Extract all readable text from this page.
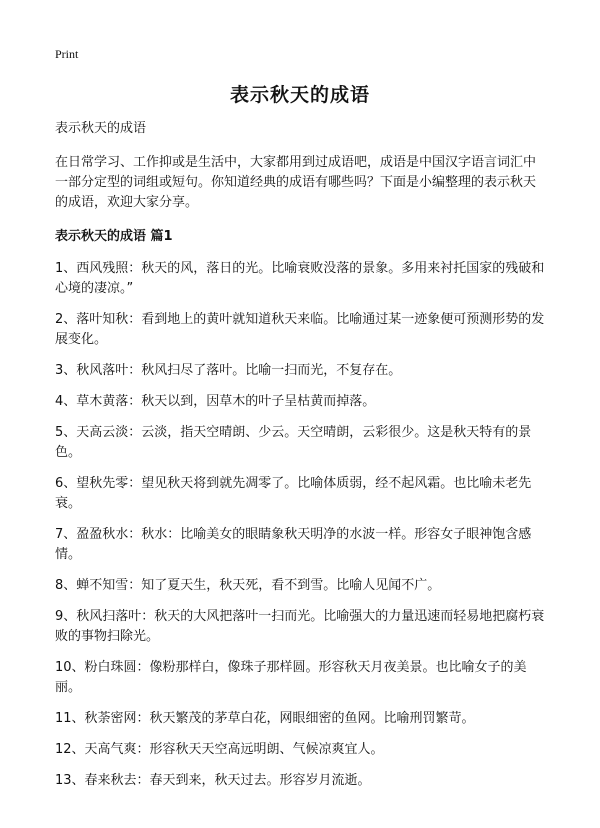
Print
表示秋天的成语

表示秋天的成语

在日常学习、工作抑或是生活中，大家都用到过成语吧，成语是中国汉字语言词汇中一部分定型的词组或短句。你知道经典的成语有哪些吗？下面是小编整理的表示秋天的成语，欢迎大家分享。

表示秋天的成语 篇1

1、西风残照：秋天的风，落日的光。比喻衰败没落的景象。多用来衬托国家的残破和心境的凄凉。”

2、落叶知秋：看到地上的黄叶就知道秋天来临。比喻通过某一迹象便可预测形势的发展变化。

3、秋风落叶：秋风扫尽了落叶。比喻一扫而光，不复存在。

4、草木黄落：秋天以到，因草木的叶子呈枯黄而掉落。

5、天高云淡：云淡，指天空晴朗、少云。天空晴朗，云彩很少。这是秋天特有的景色。

6、望秋先零：望见秋天将到就先凋零了。比喻体质弱，经不起风霜。也比喻未老先衰。

7、盈盈秋水：秋水：比喻美女的眼睛象秋天明净的水波一样。形容女子眼神饱含感情。

8、蝉不知雪：知了夏天生，秋天死，看不到雪。比喻人见闻不广。

9、秋风扫落叶：秋天的大风把落叶一扫而光。比喻强大的力量迅速而轻易地把腐朽衰败的事物扫除光。

10、粉白珠圆：像粉那样白，像珠子那样圆。形容秋天月夜美景。也比喻女子的美丽。

11、秋荼密网：秋天繁茂的茅草白花，网眼细密的鱼网。比喻刑罚繁苛。

12、天高气爽：形容秋天天空高远明朗、气候凉爽宜人。

13、春来秋去：春天到来，秋天过去。形容岁月流逝。
